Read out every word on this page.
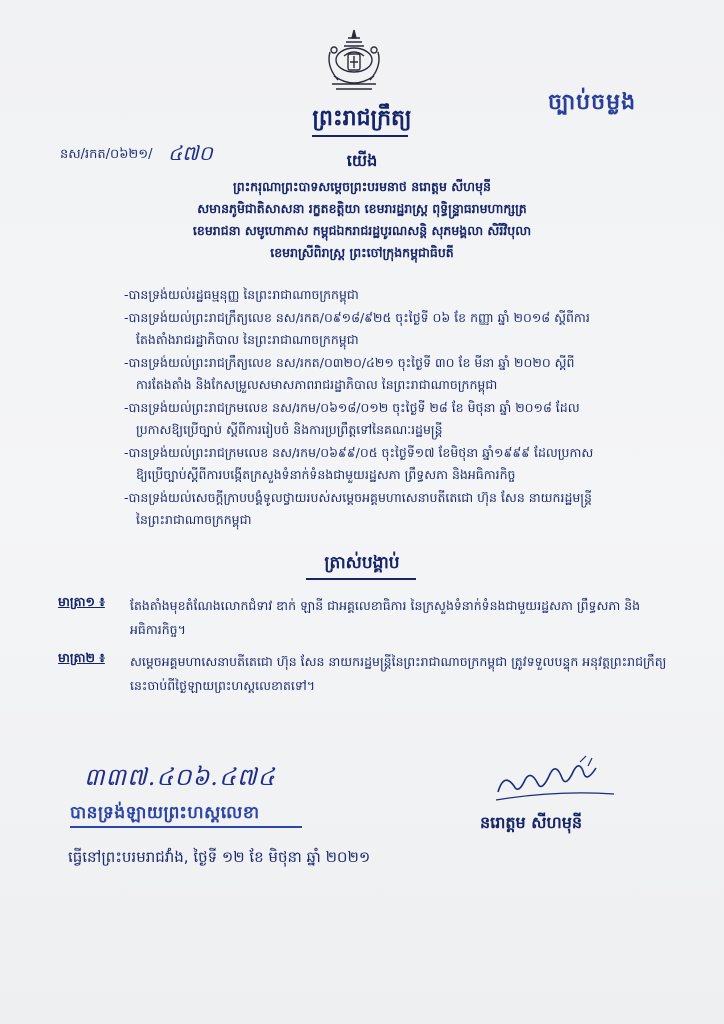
ច្បាប់ចម្លង
ព្រះរាជក្រឹត្យ
នស/រកត/០៦២១/ ៤៧០	យើង
ព្រះករុណាព្រះបាទសម្តេចព្រះបរមនាថ នរោត្តម សីហមុនី
សមានភូមិជាតិសាសនា រក្ខតខត្តិយា ខេមរារដ្ឋរាស្ត្រ ពុទ្ធិន្ទ្រាធរាមហាក្សត្រ
ខេមរាជនា សមូហោភាស កម្ពុជឯករាជរដ្ឋបូរណសន្តិ សុភមង្គលា សិរីវិបុលា
ខេមរាស្រីពិរាស្ត្រ ព្រះចៅក្រុងកម្ពុជាធិបតី
-បានទ្រង់យល់រដ្ឋធម្មនុញ្ញ នៃព្រះរាជាណាចក្រកម្ពុជា
-បានទ្រង់យល់ព្រះរាជក្រឹត្យលេខ នស/រកត/០៩១៨/៩២៥ ចុះថ្ងៃទី ០៦ ខែ កញ្ញា ឆ្នាំ ២០១៨ ស្តីពីការ
តែងតាំងរាជរដ្ឋាភិបាល នៃព្រះរាជាណាចក្រកម្ពុជា
-បានទ្រង់យល់ព្រះរាជក្រឹត្យលេខ នស/រកត/០៣២០/៤២១ ចុះថ្ងៃទី ៣០ ខែ មីនា ឆ្នាំ ២០២០ ស្តីពី
ការតែងតាំង និងកែសម្រួលសមាសភាពរាជរដ្ឋាភិបាល នៃព្រះរាជាណាចក្រកម្ពុជា
-បានទ្រង់យល់ព្រះរាជក្រមលេខ នស/រកម/០៦១៨/០១២ ចុះថ្ងៃទី ២៨ ខែ មិថុនា ឆ្នាំ ២០១៨ ដែល
ប្រកាសឱ្យប្រើច្បាប់ ស្តីពីការរៀបចំ និងការប្រព្រឹត្តទៅនៃគណៈរដ្ឋមន្ត្រី
-បានទ្រង់យល់ព្រះរាជក្រមលេខ នស/រកម/០៦៩៩/០៥ ចុះថ្ងៃទី១៧ ខែមិថុនា ឆ្នាំ១៩៩៩ ដែលប្រកាស
ឱ្យប្រើច្បាប់ស្តីពីការបង្កើតក្រសួងទំនាក់ទំនងជាមួយរដ្ឋសភា ព្រឹទ្ធសភា និងអធិការកិច្ច
-បានទ្រង់យល់សេចក្តីក្រាបបង្គំទូលថ្វាយរបស់សម្តេចអគ្គមហាសេនាបតីតេជោ ហ៊ុន សែន នាយករដ្ឋមន្ត្រី
នៃព្រះរាជាណាចក្រកម្ពុជា
ត្រាស់បង្គាប់
មាត្រា១ ៖ តែងតាំងមុខតំណែងលោកជំទាវ ឌាក់ ឡានី ជាអគ្គលេខាធិការ នៃក្រសួងទំនាក់ទំនងជាមួយរដ្ឋសភា ព្រឹទ្ធសភា និងអធិការកិច្ច។
មាត្រា២ ៖ សម្តេចអគ្គមហាសេនាបតីតេជោ ហ៊ុន សែន នាយករដ្ឋមន្ត្រីនៃព្រះរាជាណាចក្រកម្ពុជា ត្រូវទទួលបន្ទុក អនុវត្តព្រះរាជក្រឹត្យនេះចាប់ពីថ្ងៃឡាយព្រះហស្តលេខាតទៅ។
៣៣៧.៤០៦.៤៧៤
បានទ្រង់ឡាយព្រះហស្តលេខា
ធ្វើនៅព្រះបរមរាជវាំង, ថ្ងៃទី ១២ ខែ មិថុនា ឆ្នាំ ២០២១
នរោត្តម សីហមុនី
